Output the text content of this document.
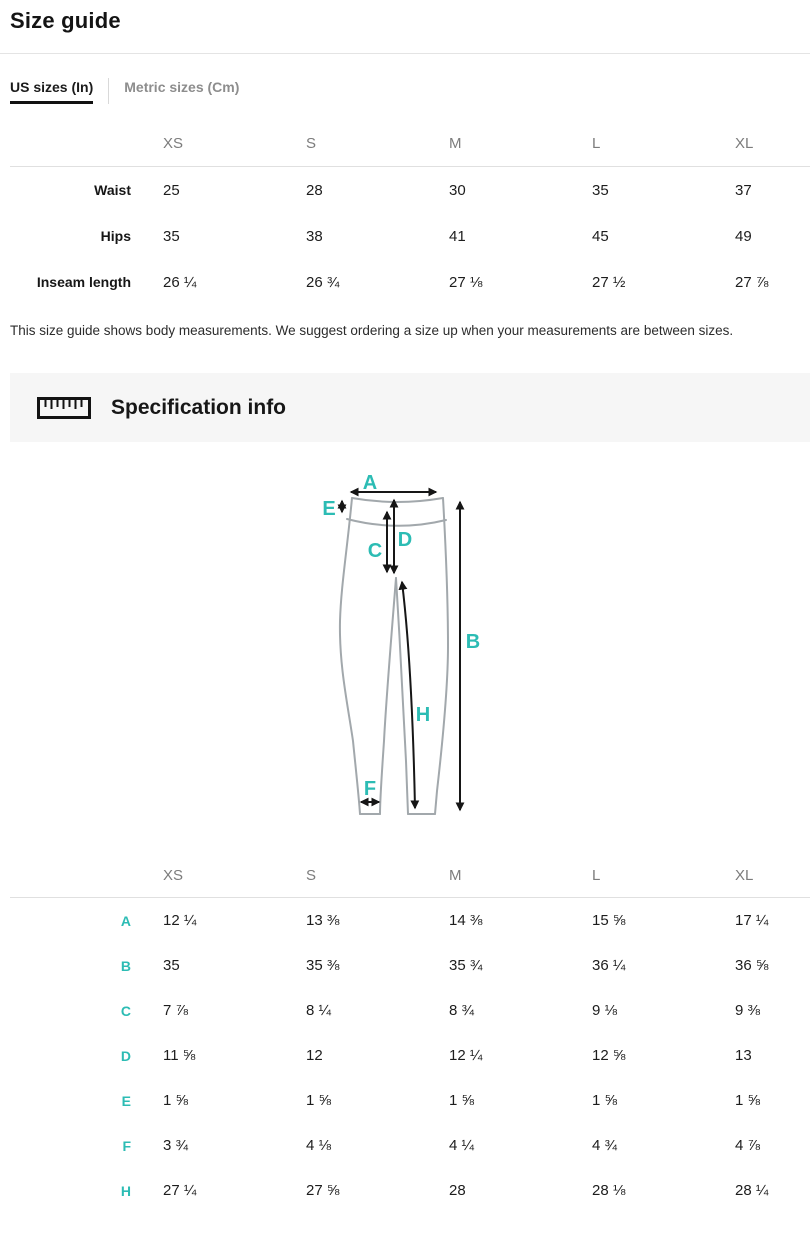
Size guide
US sizes (In) Metric sizes (Cm)
XS	S	M	L	XL
Waist	25	28	30	35	37
Hips	35	38	41	45	49
Inseam length	26 ¼	26 ¾	27 ⅛	27 ½	27 ⅞

This size guide shows body measurements. We suggest ordering a size up when your measurements are between sizes.

Specification info
A
E
C D
B
H
F
XS	S	M	L	XL
A	12 ¼	13 ⅜	14 ⅜	15 ⅝	17 ¼
B	35	35 ⅜	35 ¾	36 ¼	36 ⅝
C	7 ⅞	8 ¼	8 ¾	9 ⅛	9 ⅜
D	11 ⅝	12	12 ¼	12 ⅝	13
E	1 ⅝	1 ⅝	1 ⅝	1 ⅝	1 ⅝
F	3 ¾	4 ⅛	4 ¼	4 ¾	4 ⅞
H	27 ¼	27 ⅝	28	28 ⅛	28 ¼
